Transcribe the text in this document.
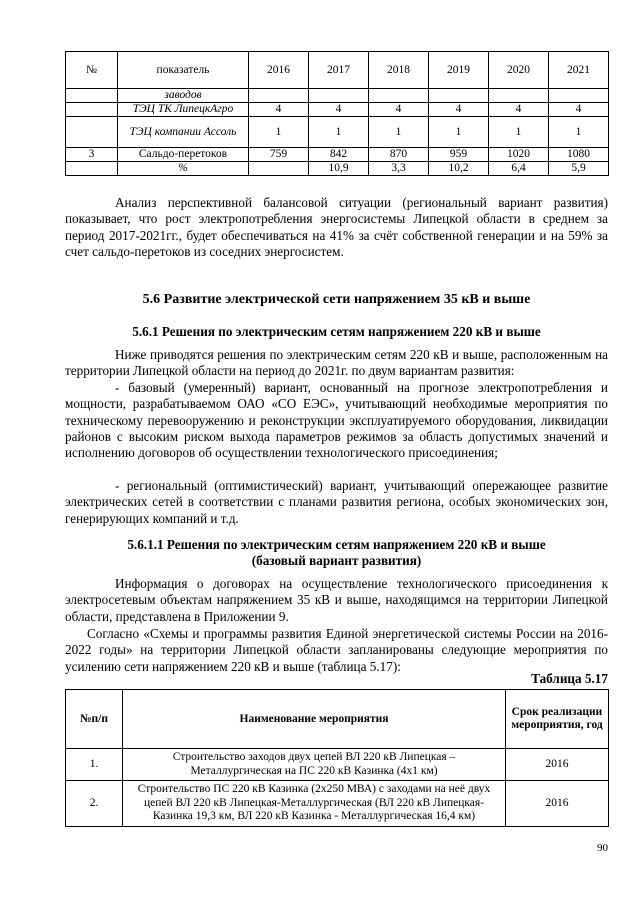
№	показатель	2016	2017	2018	2019	2020	2021
	заводов						
	ТЭЦ ТК ЛипецкАгро	4	4	4	4	4	4
	ТЭЦ компании Ассоль	1	1	1	1	1	1
3	Сальдо-перетоков	759	842	870	959	1020	1080
	%		10,9	3,3	10,2	6,4	5,9

Анализ перспективной балансовой ситуации (региональный вариант развития) показывает, что рост электропотребления энергосистемы Липецкой области в среднем за период 2017-2021гг., будет обеспечиваться на 41% за счёт собственной генерации и на 59% за счет сальдо-перетоков из соседних энергосистем.

5.6 Развитие электрической сети напряжением 35 кВ и выше

5.6.1 Решения по электрическим сетям напряжением 220 кВ и выше

Ниже приводятся решения по электрическим сетям 220 кВ и выше, расположенным на территории Липецкой области на период до 2021г. по двум вариантам развития:

- базовый (умеренный) вариант, основанный на прогнозе электропотребления и мощности, разрабатываемом ОАО «СО ЕЭС», учитывающий необходимые мероприятия по техническому перевооружению и реконструкции эксплуатируемого оборудования, ликвидации районов с высоким риском выхода параметров режимов за область допустимых значений и исполнению договоров об осуществлении технологического присоединения;

- региональный (оптимистический) вариант, учитывающий опережающее развитие электрических сетей в соответствии с планами развития региона, особых экономических зон, генерирующих компаний и т.д.

5.6.1.1 Решения по электрическим сетям напряжением 220 кВ и выше (базовый вариант развития)

Информация о договорах на осуществление технологического присоединения к электросетевым объектам напряжением 35 кВ и выше, находящимся на территории Липецкой области, представлена в Приложении 9.

Согласно «Схемы и программы развития Единой энергетической системы России на 2016-2022 годы» на территории Липецкой области запланированы следующие мероприятия по усилению сети напряжением 220 кВ и выше (таблица 5.17):

Таблица 5.17
№п/п	Наименование мероприятия	Срок реализации мероприятия, год
1.	Строительство заходов двух цепей ВЛ 220 кВ Липецкая – Металлургическая на ПС 220 кВ Казинка (4х1 км)	2016
2.	Строительство ПС 220 кВ Казинка (2х250 МВА) с заходами на неё двух цепей ВЛ 220 кВ Липецкая-Металлургическая (ВЛ 220 кВ Липецкая-Казинка 19,3 км, ВЛ 220 кВ Казинка - Металлургическая 16,4 км)	2016
90
